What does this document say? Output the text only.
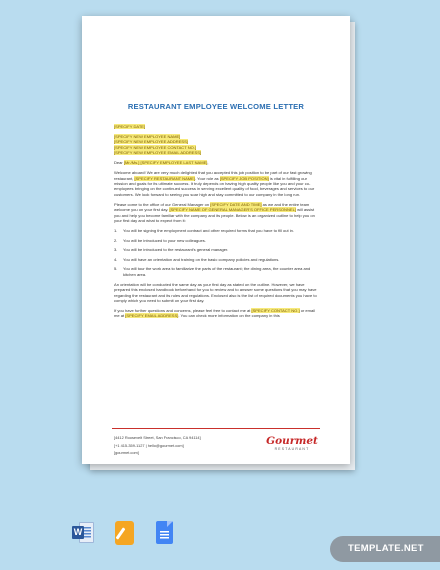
RESTAURANT EMPLOYEE WELCOME LETTER
[SPECIFY DATE]
[SPECIFY NEW EMPLOYEE NAME]
[SPECIFY NEW EMPLOYEE ADDRESS]
[SPECIFY NEW EMPLOYEE CONTACT NO.]
[SPECIFY NEW EMPLOYEE EMAIL ADDRESS]
Dear [Mr./Ms.] [SPECIFY EMPLOYEE LAST NAME],
Welcome aboard! We are very much delighted that you accepted this job position to be part of our fast growing restaurant, [SPECIFY RESTAURANT NAME]. Your role as [SPECIFY JOB POSITION] is vital in fulfilling our mission and goals for its ultimate success. It truly depends on having high quality people like you and your co-employees bringing on the continued success in serving excellent quality of food, beverages and services to our customers. We look forward to seeing you soar high and stay committed to our company in the long run.
Please come to the office of our General Manager on [SPECIFY DATE AND TIME] as we and the entire team welcome you on your first day. [SPECIFY NAME OF GENERAL MANAGER'S OFFICE PERSONNEL] will assist you and help you become familiar with the company and its people. Below is an organized outline to help you on your first day and what to expect from it:
1.	You will be signing the employment contract and other required forms that you have to fill out in.
2.	You will be introduced to your new colleagues.
3.	You will be introduced to the restaurant's general manager.
4.	You will have an orientation and training on the basic company policies and regulations.
5.	You will tour the work area to familiarize the parts of the restaurant; the dining area, the counter area and kitchen area.
An orientation will be conducted the same day as your first day as stated on the outline. However, we have prepared this enclosed handbook beforehand for you to review and to answer some questions that you may have regarding the restaurant and its rules and regulations. Enclosed also is the list of required documents you have to comply which you need to submit on your first day.
If you have further questions and concerns, please feel free to contact me at [SPECIFY CONTACT NO.] or email me at [SPECIFY EMAIL ADDRESS]. You can check more information on the company in this
[4412 Roosevelt Street, San Francisco, CA 94114]
[+1 415-359-1127 | hello@gourmet.com]
[gourmet.com]
Gourmet
RESTAURANT
W
TEMPLATE.NET
